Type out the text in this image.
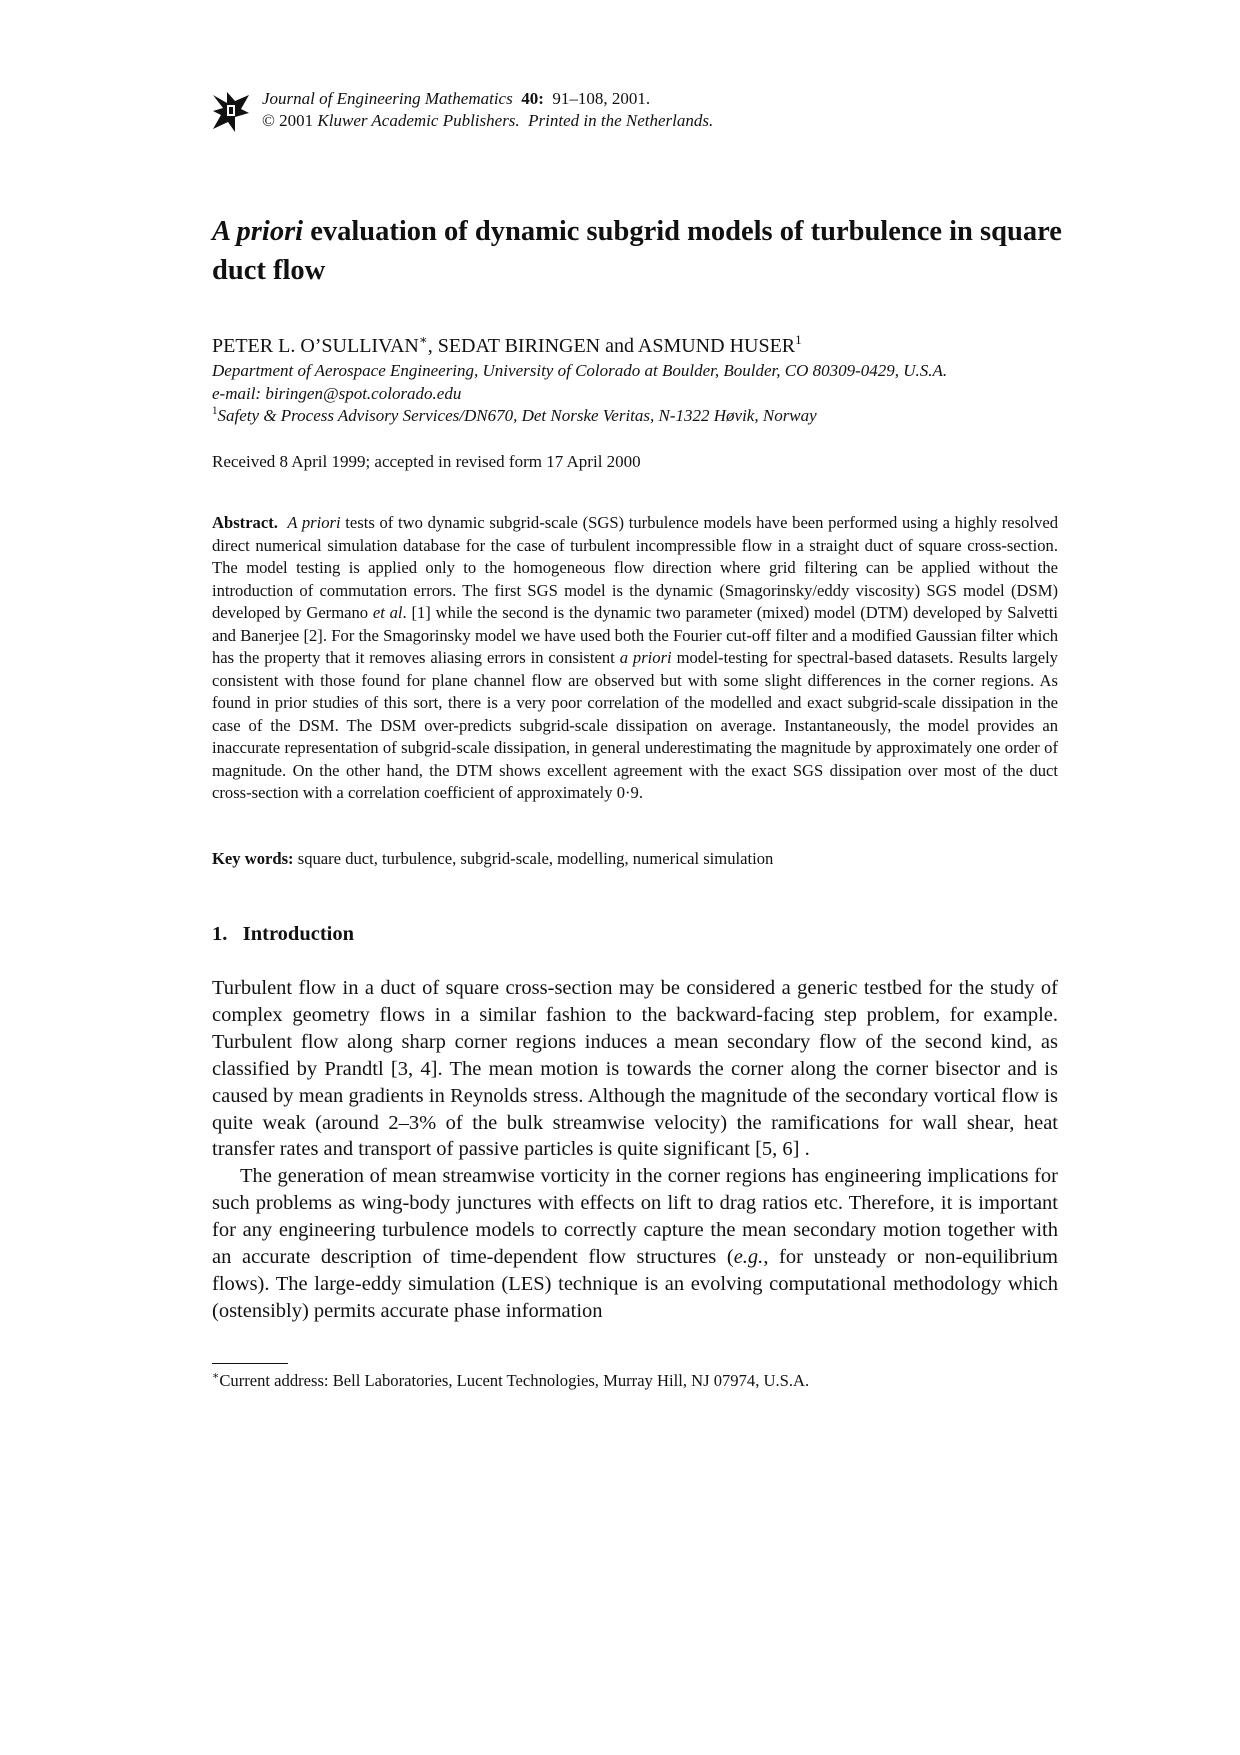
Journal of Engineering Mathematics 40: 91–108, 2001.
© 2001 Kluwer Academic Publishers. Printed in the Netherlands.
A priori evaluation of dynamic subgrid models of turbulence in square duct flow
PETER L. O’SULLIVAN∗, SEDAT BIRINGEN and ASMUND HUSER$^1$
Department of Aerospace Engineering, University of Colorado at Boulder, Boulder, CO 80309-0429, U.S.A.
e-mail: biringen@spot.colorado.edu
$^1$Safety & Process Advisory Services/DN670, Det Norske Veritas, N-1322 Høvik, Norway
Received 8 April 1999; accepted in revised form 17 April 2000
Abstract. A priori tests of two dynamic subgrid-scale (SGS) turbulence models have been performed using a highly resolved direct numerical simulation database for the case of turbulent incompressible flow in a straight duct of square cross-section. The model testing is applied only to the homogeneous flow direction where grid filtering can be applied without the introduction of commutation errors. The first SGS model is the dynamic (Smagorinsky/eddy viscosity) SGS model (DSM) developed by Germano et al. [1] while the second is the dynamic two parameter (mixed) model (DTM) developed by Salvetti and Banerjee [2]. For the Smagorinsky model we have used both the Fourier cut-off filter and a modified Gaussian filter which has the property that it removes aliasing errors in consistent a priori model-testing for spectral-based datasets. Results largely consistent with those found for plane channel flow are observed but with some slight differences in the corner regions. As found in prior studies of this sort, there is a very poor correlation of the modelled and exact subgrid-scale dissipation in the case of the DSM. The DSM over-predicts subgrid-scale dissipation on average. Instantaneously, the model provides an inaccurate representation of subgrid-scale dissipation, in general underestimating the magnitude by approximately one order of magnitude. On the other hand, the DTM shows excellent agreement with the exact SGS dissipation over most of the duct cross-section with a correlation coefficient of approximately 0·9.
Key words: square duct, turbulence, subgrid-scale, modelling, numerical simulation
1. Introduction

Turbulent flow in a duct of square cross-section may be considered a generic testbed for the study of complex geometry flows in a similar fashion to the backward-facing step problem, for example. Turbulent flow along sharp corner regions induces a mean secondary flow of the second kind, as classified by Prandtl [3, 4]. The mean motion is towards the corner along the corner bisector and is caused by mean gradients in Reynolds stress. Although the magnitude of the secondary vortical flow is quite weak (around 2–3% of the bulk streamwise velocity) the ramifications for wall shear, heat transfer rates and transport of passive particles is quite significant [5, 6] .

The generation of mean streamwise vorticity in the corner regions has engineering implications for such problems as wing-body junctures with effects on lift to drag ratios etc. Therefore, it is important for any engineering turbulence models to correctly capture the mean secondary motion together with an accurate description of time-dependent flow structures (e.g., for unsteady or non-equilibrium flows). The large-eddy simulation (LES) technique is an evolving computational methodology which (ostensibly) permits accurate phase information

∗Current address: Bell Laboratories, Lucent Technologies, Murray Hill, NJ 07974, U.S.A.
